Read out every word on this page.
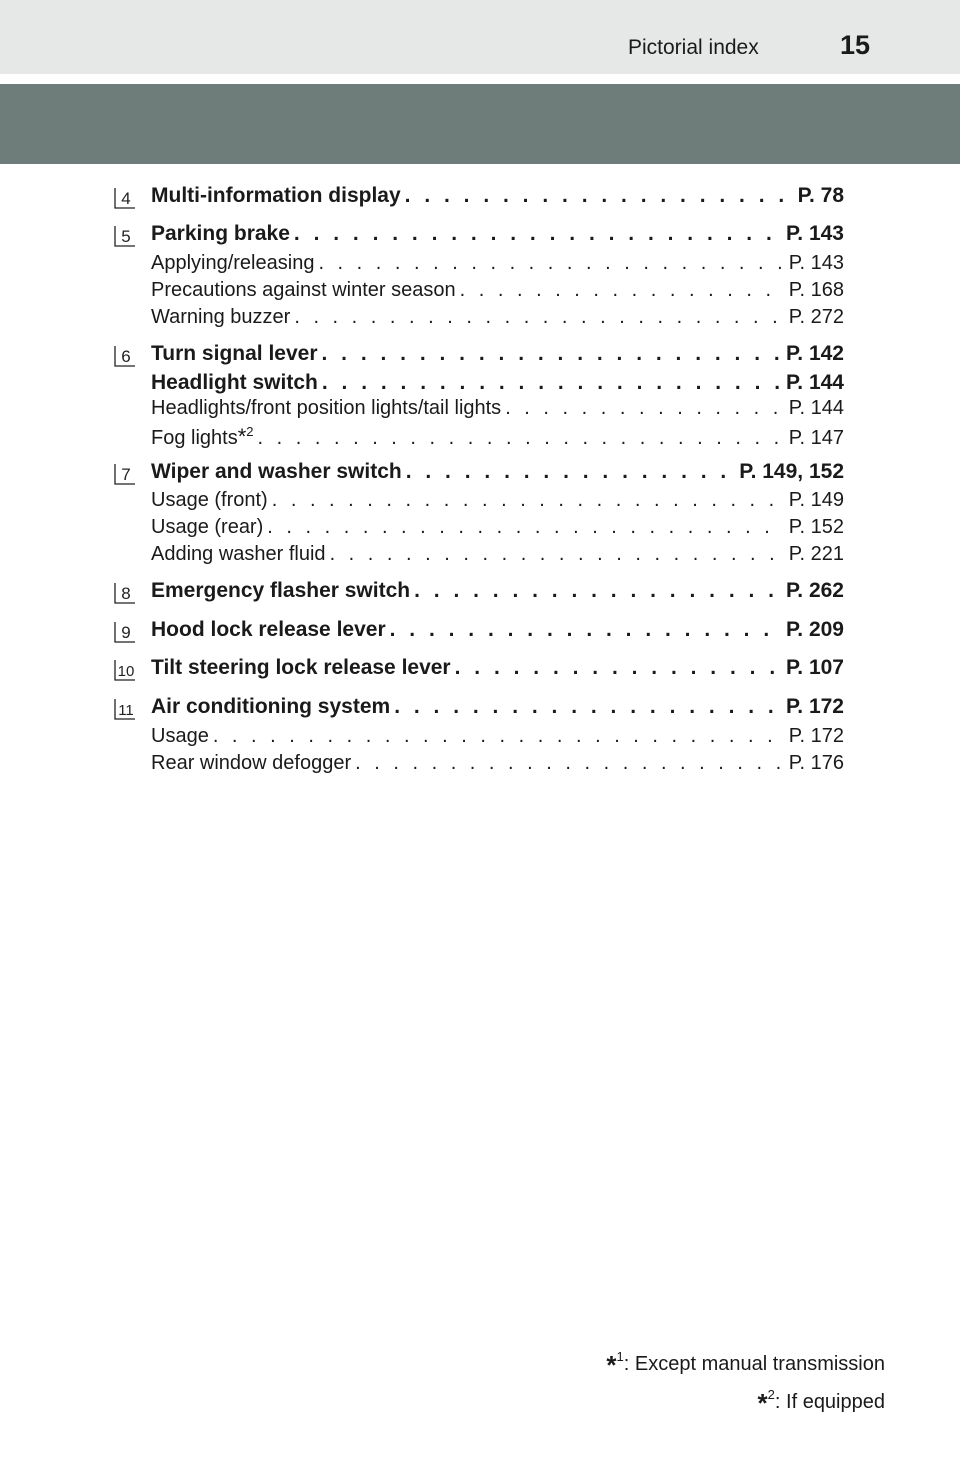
Pictorial index	15
4 Multi-information display . . .	P. 78
5 Parking brake . . .	P. 143
Applying/releasing . . .	P. 143
Precautions against winter season . . .	P. 168
Warning buzzer . . .	P. 272
6 Turn signal lever . . .	P. 142
Headlight switch . . .	P. 144
Headlights/front position lights/tail lights . . .	P. 144
Fog lights*$^2$ . . .	P. 147
7 Wiper and washer switch . . .	P. 149, 152
Usage (front) . . .	P. 149
Usage (rear) . . .	P. 152
Adding washer fluid . . .	P. 221
8 Emergency flasher switch . . .	P. 262
9 Hood lock release lever . . .	P. 209
10 Tilt steering lock release lever . . .	P. 107
11 Air conditioning system . . .	P. 172
Usage . . .	P. 172
Rear window defogger . . .	P. 176
*$^1$: Except manual transmission
*$^2$: If equipped
